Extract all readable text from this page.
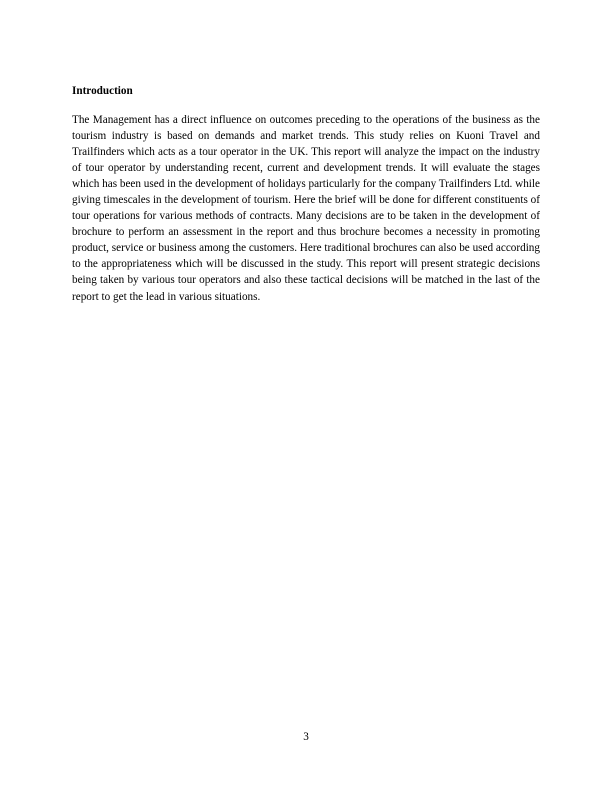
Introduction

The Management has a direct influence on outcomes preceding to the operations of the business as the tourism industry is based on demands and market trends. This study relies on Kuoni Travel and Trailfinders which acts as a tour operator in the UK. This report will analyze the impact on the industry of tour operator by understanding recent, current and development trends. It will evaluate the stages which has been used in the development of holidays particularly for the company Trailfinders Ltd. while giving timescales in the development of tourism. Here the brief will be done for different constituents of tour operations for various methods of contracts. Many decisions are to be taken in the development of brochure to perform an assessment in the report and thus brochure becomes a necessity in promoting product, service or business among the customers. Here traditional brochures can also be used according to the appropriateness which will be discussed in the study. This report will present strategic decisions being taken by various tour operators and also these tactical decisions will be matched in the last of the report to get the lead in various situations.

3
